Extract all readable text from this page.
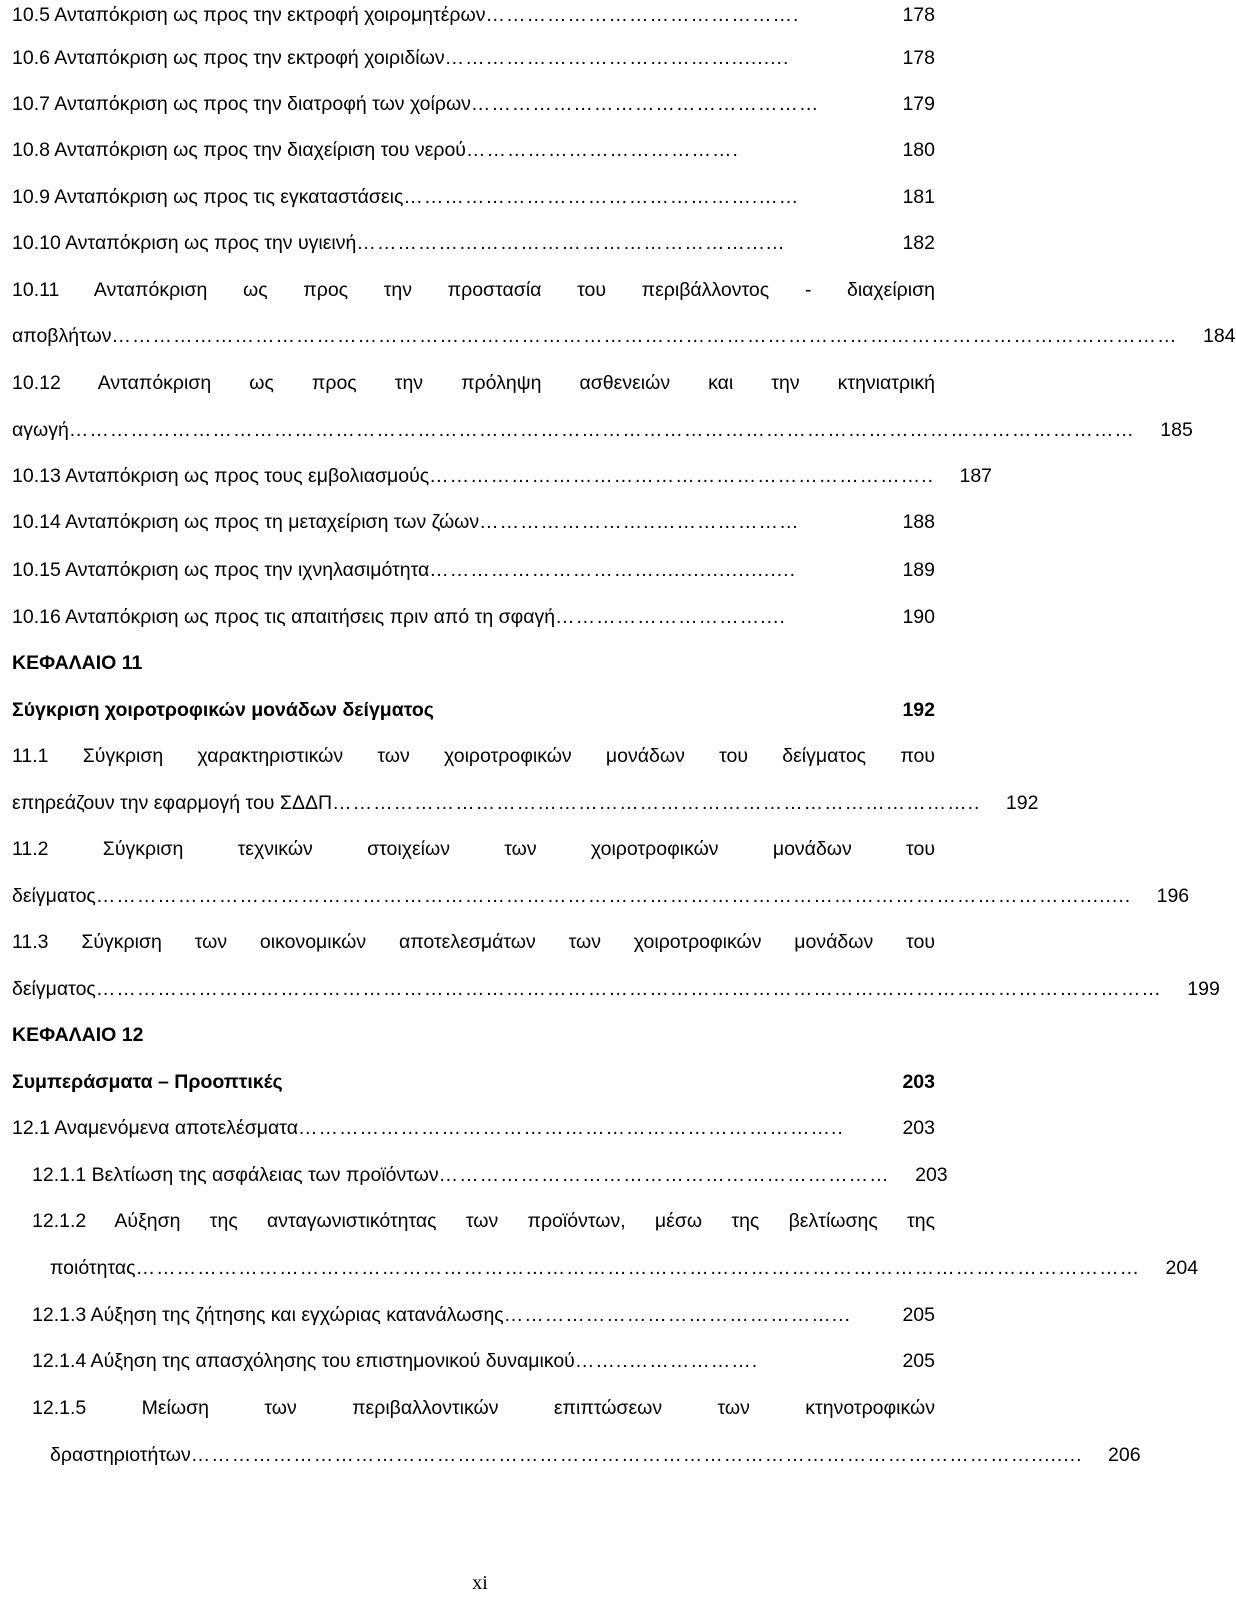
10.5 Ανταπόκριση ως προς την εκτροφή χοιρομητέρων ……………………………………….	178
10.6 Ανταπόκριση ως προς την εκτροφή χοιριδίων …………………………………….........	178
10.7 Ανταπόκριση ως προς την διατροφή των χοίρων ……………………………………………	179
10.8 Ανταπόκριση ως προς την διαχείριση του νερού ………………………………….	180
10.9 Ανταπόκριση ως προς τις εγκαταστάσεις …………………………………………….……	181
10.10 Ανταπόκριση ως προς την υγιεινή …………………………………………………...…	182
10.11 Ανταπόκριση ως προς την προστασία του περιβάλλοντος - διαχείριση
αποβλήτων …………………………………………………………………………………………………………………………………………	184
10.12 Ανταπόκριση ως προς την πρόληψη ασθενειών και την κτηνιατρική
αγωγή …………………………………………………………………………………………………………………………………………	185
10.13 Ανταπόκριση ως προς τους εμβολιασμούς ………………………………………………………………..	187
10.14 Ανταπόκριση ως προς τη μεταχείριση των ζώων ……………………..…………………	188
10.15 Ανταπόκριση ως προς την ιχνηλασιμότητα ……………………………......................	189
10.16 Ανταπόκριση ως προς τις απαιτήσεις πριν από τη σφαγή …………………………....	190
ΚΕΦΑΛΑΙΟ 11
Σύγκριση χοιροτροφικών μονάδων δείγματος	192
11.1 Σύγκριση χαρακτηριστικών των χοιροτροφικών μονάδων του δείγματος που
επηρεάζουν την εφαρμογή του ΣΔΔΠ …………………………………………………………………………………..	192
11.2 Σύγκριση τεχνικών στοιχείων των χοιροτροφικών μονάδων του
δείγματος ………………………………………………………………………………………………………………………………........	196
11.3 Σύγκριση των οικονομικών αποτελεσμάτων των χοιροτροφικών μονάδων του
δείγματος …………………………………………………………………………………………………………………………………………	199
ΚΕΦΑΛΑΙΟ 12
Συμπεράσματα – Προοπτικές	203
12.1 Αναμενόμενα αποτελέσματα ……………………………………………………………………..	203
12.1.1 Βελτίωση της ασφάλειας των προϊόντων …………………………………………………………	203
12.1.2 Αύξηση της ανταγωνιστικότητας των προϊόντων, μέσω της βελτίωσης της
ποιότητας …………………………………………………………………………………………………………………………………	204
12.1.3 Αύξηση της ζήτησης και εγχώριας κατανάλωσης …………………………………………...	205
12.1.4 Αύξηση της απασχόλησης του επιστημονικού δυναμικού ……..……………….	205
12.1.5 Μείωση των περιβαλλοντικών επιπτώσεων των κτηνοτροφικών
δραστηριοτήτων ……………………………………………………………………………………………………………........	206
xi
